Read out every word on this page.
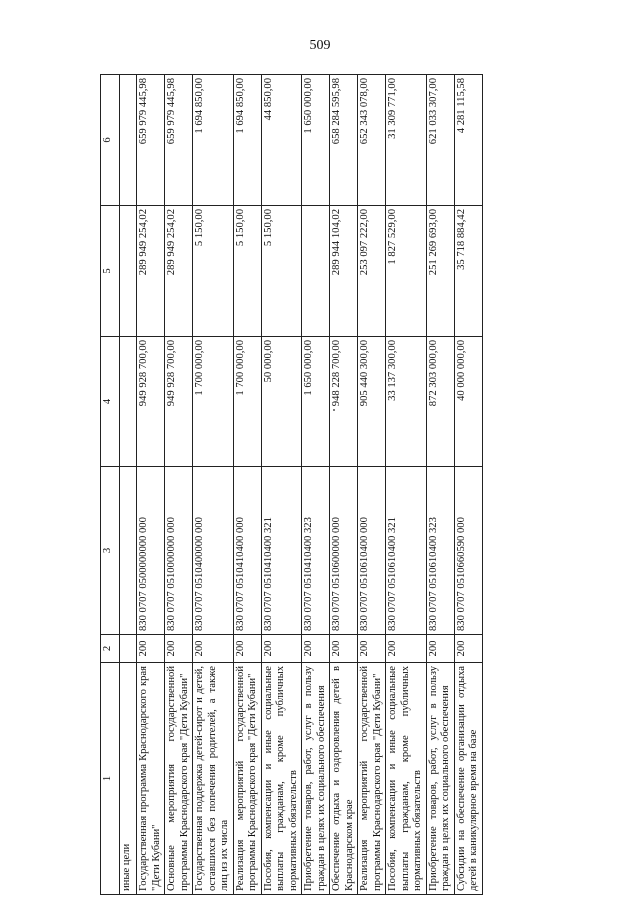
509
1	2	3	4	5	6
иные цели					
Государственная программа Краснодарского края "Дети Кубани"	200	830 0707 0500000000 000	949 928 700,00	289 949 254,02	659 979 445,98
Основные мероприятия государственной программы Краснодарского края "Дети Кубани"	200	830 0707 0510000000 000	949 928 700,00	289 949 254,02	659 979 445,98
Государственная поддержка детей-сирот и детей, оставшихся без попечения родителей, а также лиц из их числа	200	830 0707 0510400000 000	1 700 000,00	5 150,00	1 694 850,00
Реализация мероприятий государственной программы Краснодарского края "Дети Кубани"	200	830 0707 0510410400 000	1 700 000,00	5 150,00	1 694 850,00
Пособия, компенсации и иные социальные выплаты гражданам, кроме публичных нормативных обязательств	200	830 0707 0510410400 321	50 000,00	5 150,00	44 850,00
Приобретение товаров, работ, услуг в пользу граждан в целях их социального обеспечения	200	830 0707 0510410400 323	1 650 000,00		1 650 000,00
Обеспечение отдыха и оздоровления детей в Краснодарском крае	200	830 0707 0510600000 000	948 228 700,00	289 944 104,02	658 284 595,98
Реализация мероприятий государственной программы Краснодарского края "Дети Кубани"	200	830 0707 0510610400 000	905 440 300,00	253 097 222,00	652 343 078,00
Пособия, компенсации и иные социальные выплаты гражданам, кроме публичных нормативных обязательств	200	830 0707 0510610400 321	33 137 300,00	1 827 529,00	31 309 771,00
Приобретение товаров, работ, услуг в пользу граждан в целях их социального обеспечения	200	830 0707 0510610400 323	872 303 000,00	251 269 693,00	621 033 307,00
Субсидии на обеспечение организации отдыха детей в каникулярное время на базе	200	830 0707 0510660590 000	40 000 000,00	35 718 884,42	4 281 115,58
